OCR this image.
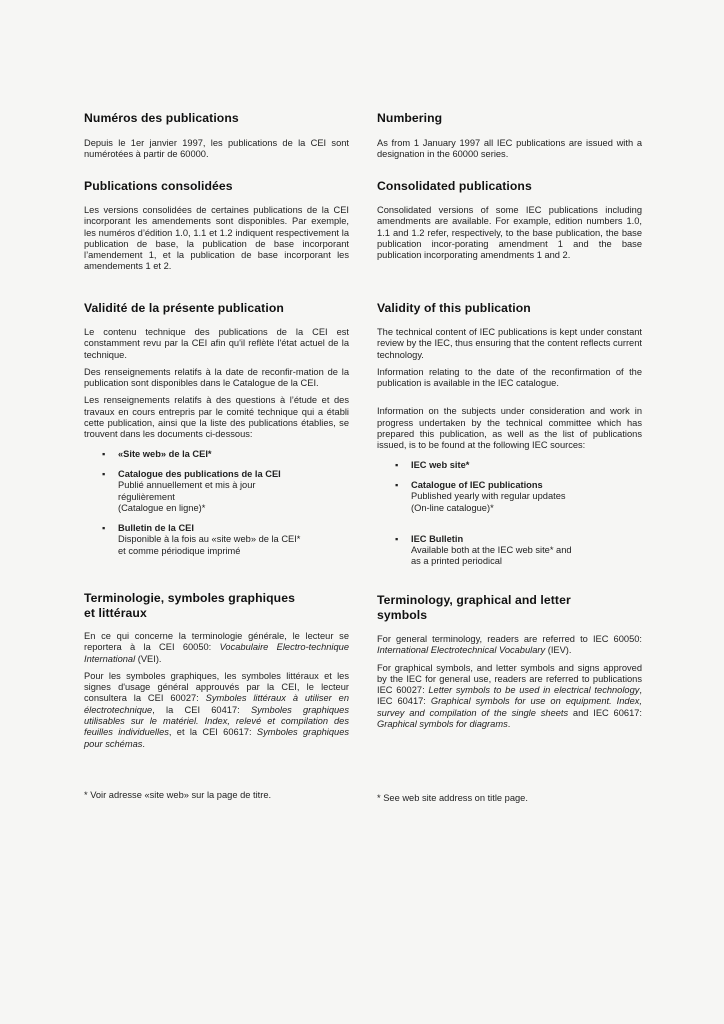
Numéros des publications

Depuis le 1er janvier 1997, les publications de la CEI sont numérotées à partir de 60000.

Publications consolidées

Les versions consolidées de certaines publications de la CEI incorporant les amendements sont disponibles. Par exemple, les numéros d’édition 1.0, 1.1 et 1.2 indiquent respectivement la publication de base, la publication de base incorporant l’amendement 1, et la publication de base incorporant les amendements 1 et 2.

Validité de la présente publication

Le contenu technique des publications de la CEI est constamment revu par la CEI afin qu'il reflète l'état actuel de la technique.

Des renseignements relatifs à la date de reconfir-mation de la publication sont disponibles dans le Catalogue de la CEI.

Les renseignements relatifs à des questions à l’étude et des travaux en cours entrepris par le comité technique qui a établi cette publication, ainsi que la liste des publications établies, se trouvent dans les documents ci-dessous:

▪ «Site web» de la CEI*
▪ Catalogue des publications de la CEI
Publié annuellement et mis à jour
régulièrement
(Catalogue en ligne)*
▪ Bulletin de la CEI
Disponible à la fois au «site web» de la CEI*
et comme périodique imprimé
Terminologie, symboles graphiques
et littéraux

En ce qui concerne la terminologie générale, le lecteur se reportera à la CEI 60050: Vocabulaire Electro-technique International (VEI).

Pour les symboles graphiques, les symboles littéraux et les signes d'usage général approuvés par la CEI, le lecteur consultera la CEI 60027: Symboles littéraux à utiliser en électrotechnique, la CEI 60417: Symboles graphiques utilisables sur le matériel. Index, relevé et compilation des feuilles individuelles, et la CEI 60617: Symboles graphiques pour schémas.

* Voir adresse «site web» sur la page de titre.
Numbering

As from 1 January 1997 all IEC publications are issued with a designation in the 60000 series.

Consolidated publications

Consolidated versions of some IEC publications including amendments are available. For example, edition numbers 1.0, 1.1 and 1.2 refer, respectively, to the base publication, the base publication incor-porating amendment 1 and the base publication incorporating amendments 1 and 2.

Validity of this publication

The technical content of IEC publications is kept under constant review by the IEC, thus ensuring that the content reflects current technology.

Information relating to the date of the reconfirmation of the publication is available in the IEC catalogue.

Information on the subjects under consideration and work in progress undertaken by the technical committee which has prepared this publication, as well as the list of publications issued, is to be found at the following IEC sources:

▪ IEC web site*
▪ Catalogue of IEC publications
Published yearly with regular updates
(On-line catalogue)*
▪ IEC Bulletin
Available both at the IEC web site* and
as a printed periodical
Terminology, graphical and letter
symbols

For general terminology, readers are referred to IEC 60050: International Electrotechnical Vocabulary (IEV).

For graphical symbols, and letter symbols and signs approved by the IEC for general use, readers are referred to publications IEC 60027: Letter symbols to be used in electrical technology, IEC 60417: Graphical symbols for use on equipment. Index, survey and compilation of the single sheets and IEC 60617: Graphical symbols for diagrams.

* See web site address on title page.
